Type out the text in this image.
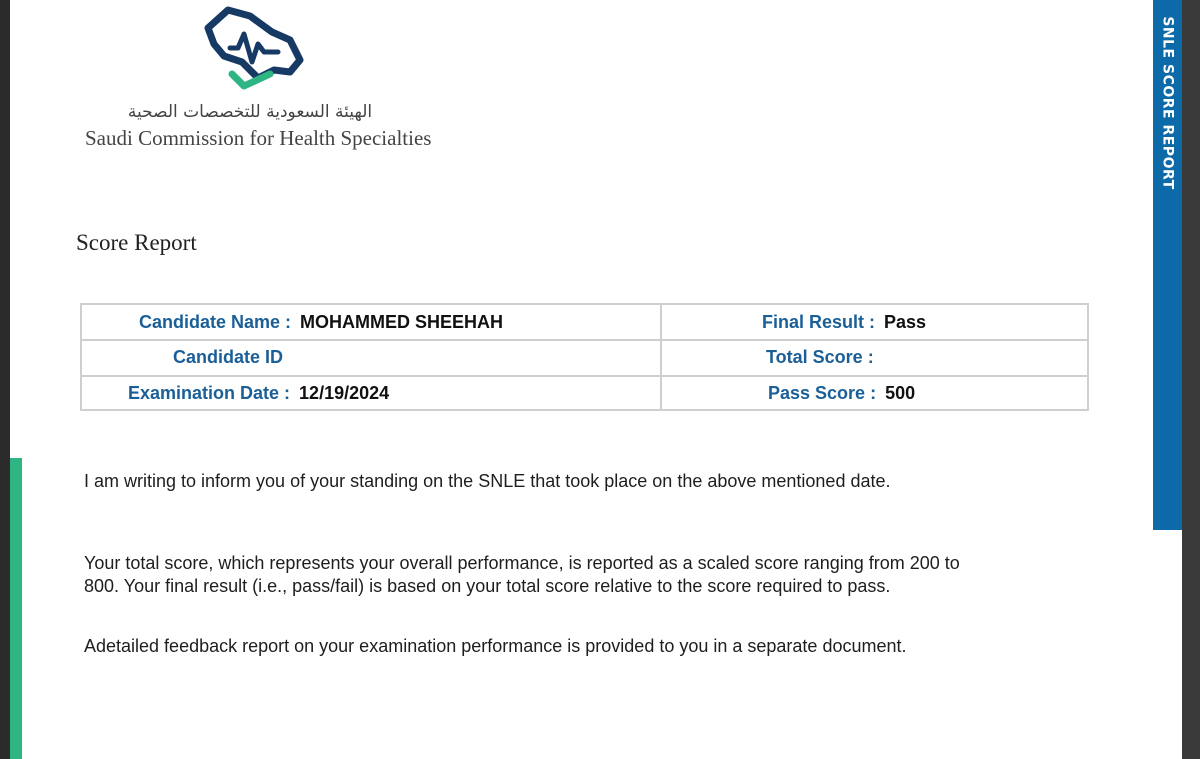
الهيئة السعودية للتخصصات الصحية
Saudi Commission for Health Specialties
Score Report
Candidate Name : MOHAMMED SHEEHAH
Candidate ID
Examination Date : 12/19/2024
Final Result : Pass
Total Score :
Pass Score : 500
I am writing to inform you of your standing on the SNLE that took place on the above mentioned date.
Your total score, which represents your overall performance, is reported as a scaled score ranging from 200 to
800. Your final result (i.e., pass/fail) is based on your total score relative to the score required to pass.
Adetailed feedback report on your examination performance is provided to you in a separate document.
SNLE SCORE REPORT
